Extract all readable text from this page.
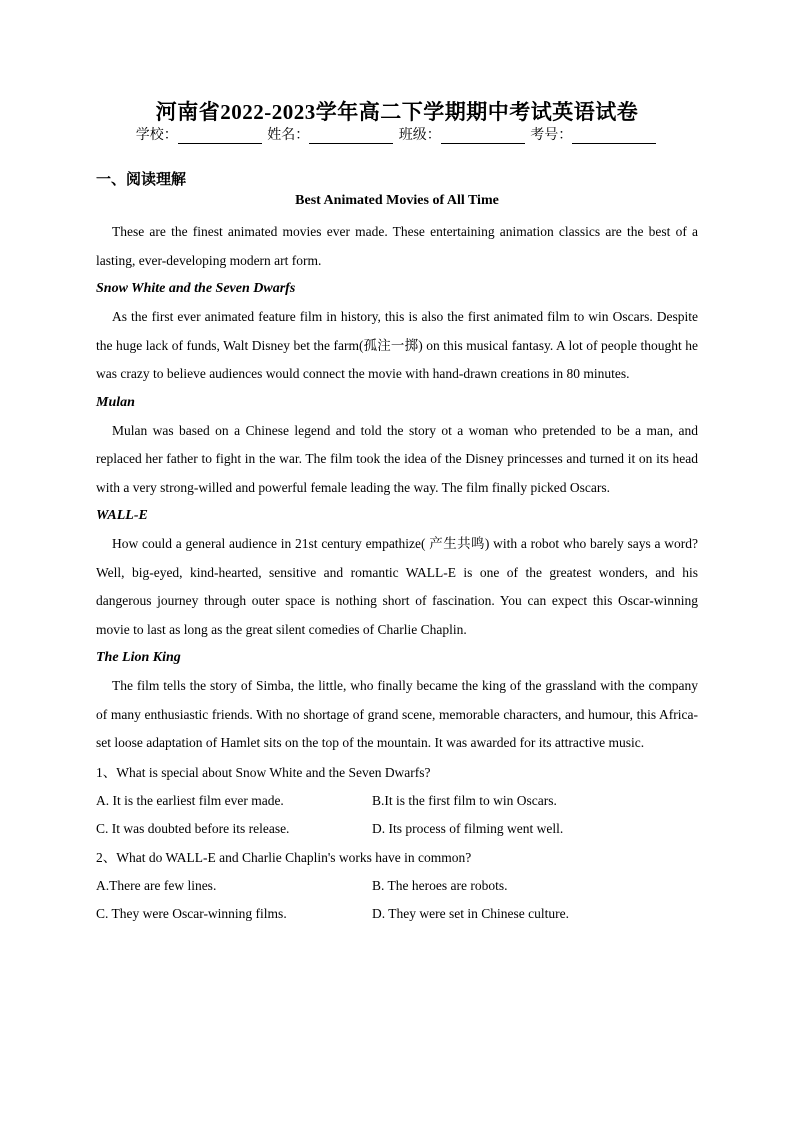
河南省2022-2023学年高二下学期期中考试英语试卷
学校：	姓名：	班级：	考号：
一、阅读理解
Best Animated Movies of All Time

These are the finest animated movies ever made. These entertaining animation classics are the best of a lasting, ever-developing modern art form.

Snow White and the Seven Dwarfs

As the first ever animated feature film in history, this is also the first animated film to win Oscars. Despite the huge lack of funds, Walt Disney bet the farm(孤注一掷) on this musical fantasy. A lot of people thought he was crazy to believe audiences would connect the movie with hand-drawn creations in 80 minutes.

Mulan

Mulan was based on a Chinese legend and told the story ot a woman who pretended to be a man, and replaced her father to fight in the war. The film took the idea of the Disney princesses and turned it on its head with a very strong-willed and powerful female leading the way. The film finally picked Oscars.

WALL-E

How could a general audience in 21st century empathize( 产生共鸣) with a robot who barely says a word? Well, big-eyed, kind-hearted, sensitive and romantic WALL-E is one of the greatest wonders, and his dangerous journey through outer space is nothing short of fascination. You can expect this Oscar-winning movie to last as long as the great silent comedies of Charlie Chaplin.

The Lion King

The film tells the story of Simba, the little, who finally became the king of the grassland with the company of many enthusiastic friends. With no shortage of grand scene, memorable characters, and humour, this Africa-set loose adaptation of Hamlet sits on the top of the mountain. It was awarded for its attractive music.

1、What is special about Snow White and the Seven Dwarfs?

A. It is the earliest film ever made.	B.It is the first film to win Oscars.
C. It was doubted before its release.	D. Its process of filming went well.

2、What do WALL-E and Charlie Chaplin's works have in common?

A.There are few lines.	B. The heroes are robots.
C. They were Oscar-winning films.	D. They were set in Chinese culture.
